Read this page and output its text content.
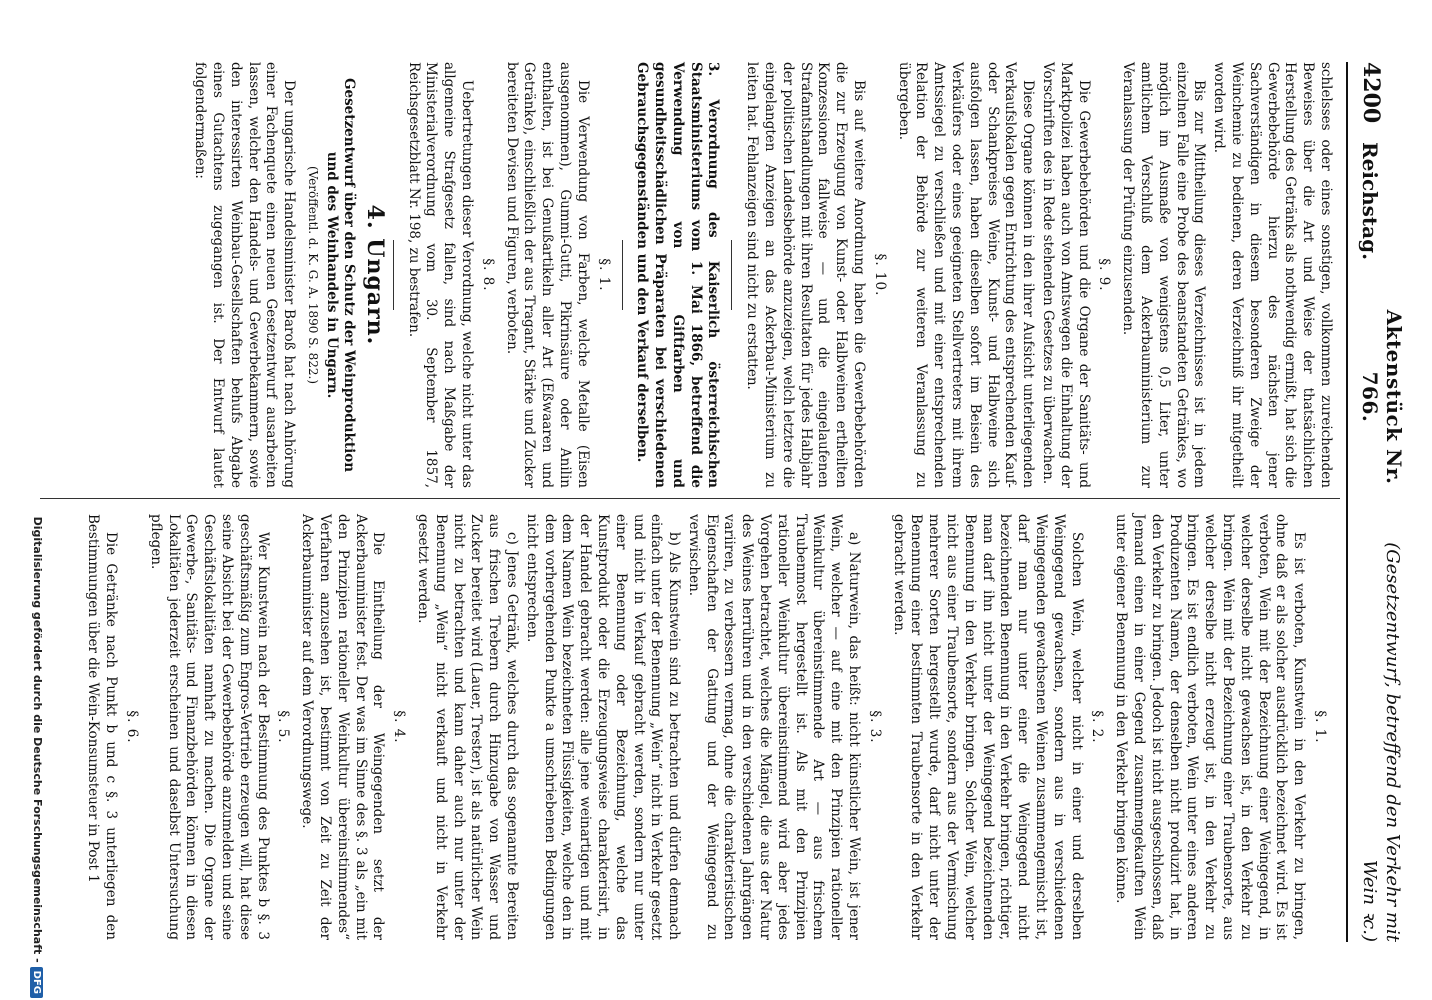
4200
Reichstag.
Aktenstück Nr. 766.
(Gesetzentwurf, betreffend den Verkehr mit Wein ꝛc.)

schlelsses oder eines sonstigen, vollkommen zureichenden Beweises über die Art und Weise der thatsächlichen Herstellung des Getränks als nothwendig ermißt, hat sich die Gewerbebehörde hierzu des nächsten jener Sachverständigen in diesem besonderen Zweige der Weinchemie zu bedienen, deren Verzeichniß ihr mitgetheilt worden wird.

Bis zur Mittheilung dieses Verzeichnisses ist in jedem einzelnen Falle eine Probe des beanstandeten Getränkes, wo möglich im Ausmaße von wenigstens 0,5 Liter, unter amtlichem Verschluß dem Ackerbauministerium zur Veranlassung der Prüfung einzusenden.

§. 9.

Die Gewerbebehörden und die Organe der Sanitäts- und Marktpolizei haben auch von Amtswegen die Einhaltung der Vorschriften des in Rede stehenden Gesetzes zu überwachen.

Diese Organe können in den ihrer Aufsicht unterliegenden Verkaufslokalen gegen Entrichtung des entsprechenden Kauf- oder Schankpreises Weine, Kunst- und Halbweine sich ausfolgen lassen, haben dieselben sofort im Beisein des Verkäufers oder eines geeigneten Stellvertreters mit ihrem Amtssiegel zu verschließen und mit einer entsprechenden Relation der Behörde zur weiteren Veranlassung zu übergeben.

§. 10.

Bis auf weitere Anordnung haben die Gewerbebehörden die zur Erzeugung von Kunst- oder Halbweinen ertheilten Konzessionen fallweise — und die eingelaufenen Strafamtshandlungen mit ihren Resultaten für jedes Halbjahr der politischen Landesbehörde anzuzeigen, welch letztere die eingelangten Anzeigen an das Ackerbau-Ministerium zu leiten hat. Fehlanzeigen sind nicht zu erstatten.

3. Verordnung des Kaiserlich österreichischen Staatsministeriums vom 1. Mai 1866, betreffend die Verwendung von Giftfarben und gesundheitsschädlichen Präparaten bei verschiedenen Gebrauchsgegenständen und den Verkauf derselben.

§. 1.

Die Verwendung von Farben, welche Metalle (Eisen ausgenommen), Gummi-Gutti, Pikrinsäure oder Anilin enthalten, ist bei Genußartikeln aller Art (Eßwaaren und Getränke), einschließlich der aus Tragant, Stärke und Zucker bereiteten Devisen und Figuren, verboten.

§. 8.

Uebertretungen dieser Verordnung, welche nicht unter das allgemeine Strafgesetz fallen, sind nach Maßgabe der Ministerialverordnung vom 30. September 1857, Reichsgesetzblatt Nr. 198, zu bestrafen.

4. Ungarn.
Gesetzentwurf über den Schutz der Weinproduktion und des Weinhandels in Ungarn.
(Veröffentl. d. K. G. A. 1890 S. 822.)

Der ungarische Handelsminister Baroß hat nach Anhörung einer Fachenquete einen neuen Gesetzentwurf ausarbeiten lassen, welcher den Handels- und Gewerbekammern, sowie den interessirten Weinbau-Gesellschaften behufs Abgabe eines Gutachtens zugegangen ist. Der Entwurf lautet folgendermaßen:

§. 1.

Es ist verboten, Kunstwein in den Verkehr zu bringen, ohne daß er als solcher ausdrücklich bezeichnet wird. Es ist verboten, Wein mit der Bezeichnung einer Weingegend, in welcher derselbe nicht gewachsen ist, in den Verkehr zu bringen. Wein mit der Bezeichnung einer Traubensorte, aus welcher derselbe nicht erzeugt ist, in den Verkehr zu bringen. Es ist endlich verboten, Wein unter eines anderen Produzenten Namen, der denselben nicht produzirt hat, in den Verkehr zu bringen. Jedoch ist nicht ausgeschlossen, daß Jemand einen in einer Gegend zusammengekauften Wein unter eigener Benennung in den Verkehr bringen könne.

§. 2.

Solchen Wein, welcher nicht in einer und derselben Weingegend gewachsen, sondern aus in verschiedenen Weingegenden gewachsenen Weinen zusammengemischt ist, darf man nur unter einer die Weingegend nicht bezeichnenden Benennung in den Verkehr bringen, richtiger, man darf ihn nicht unter der Weingegend bezeichnenden Benennung in den Verkehr bringen. Solcher Wein, welcher nicht aus einer Traubensorte, sondern aus der Vermischung mehrerer Sorten hergestellt wurde, darf nicht unter der Benennung einer bestimmten Traubensorte in den Verkehr gebracht werden.

§. 3.

a) Naturwein, das heißt: nicht künstlicher Wein, ist jener Wein, welcher — auf eine mit den Prinzipien rationeller Weinkultur übereinstimmende Art — aus frischem Traubenmost hergestellt ist. Als mit den Prinzipien rationeller Weinkultur übereinstimmend wird aber jedes Vorgehen betrachtet, welches die Mängel, die aus der Natur des Weines herrühren und in den verschiedenen Jahrgängen variiren, zu verbessern vermag, ohne die charakteristischen Eigenschaften der Gattung und der Weingegend zu verwischen.

b) Als Kunstwein sind zu betrachten und dürfen demnach einfach unter der Benennung „Wein“ nicht in Verkehr gesetzt und nicht in Verkauf gebracht werden, sondern nur unter einer Benennung oder Bezeichnung, welche das Kunstprodukt oder die Erzeugungsweise charakterisirt, in der Handel gebracht werden: alle jene weinartigen und mit dem Namen Wein bezeichneten Flüssigkeiten, welche den in dem vorhergehenden Punkte a umschriebenen Bedingungen nicht entsprechen.

c) Jenes Getränk, welches durch das sogenannte Bereiten aus frischen Trebern durch Hinzugabe von Wasser und Zucker bereitet wird (Lauer, Trester), ist als natürlicher Wein nicht zu betrachten und kann daher auch nur unter der Benennung „Wein“ nicht verkauft und nicht in Verkehr gesetzt werden.

§. 4.

Die Eintheilung der Weingegenden setzt der Ackerbauminister fest. Der was im Sinne des §. 3 als „ein mit den Prinzipien rationeller Weinkultur übereinstimmendes“ Verfahren anzusehen ist, bestimmt von Zeit zu Zeit der Ackerbauminister auf dem Verordnungswege.

§. 5.

Wer Kunstwein nach der Bestimmung des Punktes b §. 3 geschäftsmäßig zum Engros-Vertrieb erzeugen will, hat diese seine Absicht bei der Gewerbebehörde anzumelden und seine Geschäftslokalitäten namhaft zu machen. Die Organe der Gewerbe-, Sanitäts- und Finanzbehörden können in diesen Lokalitäten jederzeit erscheinen und daselbst Untersuchung pflegen.

§. 6.

Die Getränke nach Punkt b und c §. 3 unterliegen den Bestimmungen über die Wein-Konsumsteuer in Post 1

Digitalisierung gefördert durch die Deutsche Forschungsgemeinschaft -DFG
